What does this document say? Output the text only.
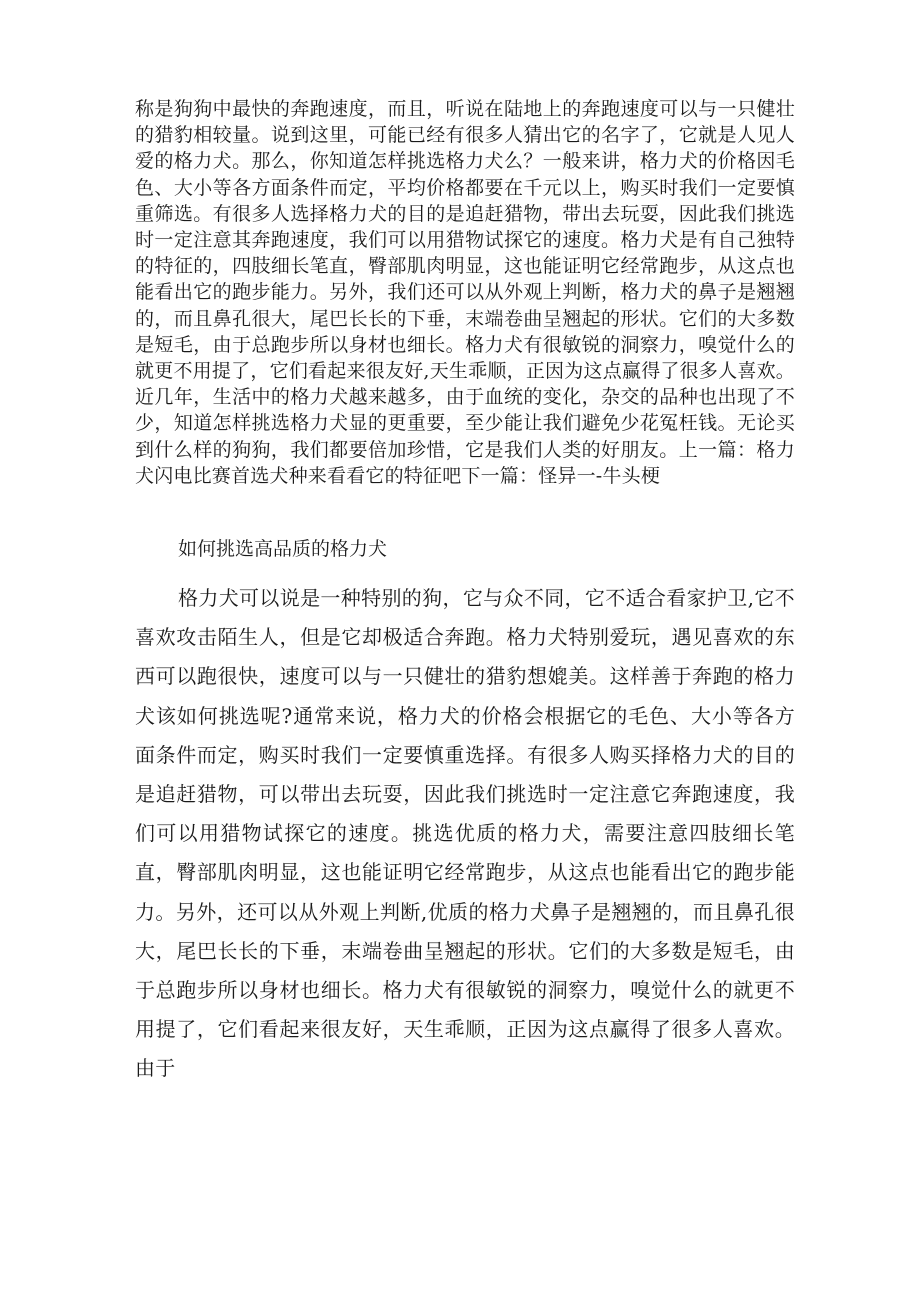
称是狗狗中最快的奔跑速度，而且，听说在陆地上的奔跑速度可以与一只健壮的猎豹相较量。说到这里，可能已经有很多人猜出它的名字了，它就是人见人爱的格力犬。那么，你知道怎样挑选格力犬么？一般来讲，格力犬的价格因毛色、大小等各方面条件而定，平均价格都要在千元以上，购买时我们一定要慎重筛选。有很多人选择格力犬的目的是追赶猎物，带出去玩耍，因此我们挑选时一定注意其奔跑速度，我们可以用猎物试探它的速度。格力犬是有自己独特的特征的，四肢细长笔直，臀部肌肉明显，这也能证明它经常跑步，从这点也能看出它的跑步能力。另外，我们还可以从外观上判断，格力犬的鼻子是翘翘的，而且鼻孔很大，尾巴长长的下垂，末端卷曲呈翘起的形状。它们的大多数是短毛，由于总跑步所以身材也细长。格力犬有很敏锐的洞察力，嗅觉什么的就更不用提了，它们看起来很友好,天生乖顺，正因为这点赢得了很多人喜欢。近几年，生活中的格力犬越来越多，由于血统的变化，杂交的品种也出现了不少，知道怎样挑选格力犬显的更重要，至少能让我们避免少花冤枉钱。无论买到什么样的狗狗，我们都要倍加珍惜，它是我们人类的好朋友。上一篇：格力犬闪电比赛首选犬种来看看它的特征吧下一篇：怪异一-牛头梗

如何挑选高品质的格力犬

格力犬可以说是一种特别的狗，它与众不同，它不适合看家护卫,它不喜欢攻击陌生人，但是它却极适合奔跑。格力犬特别爱玩，遇见喜欢的东西可以跑很快，速度可以与一只健壮的猎豹想媲美。这样善于奔跑的格力犬该如何挑选呢?通常来说，格力犬的价格会根据它的毛色、大小等各方面条件而定，购买时我们一定要慎重选择。有很多人购买择格力犬的目的是追赶猎物，可以带出去玩耍，因此我们挑选时一定注意它奔跑速度，我们可以用猎物试探它的速度。挑选优质的格力犬，需要注意四肢细长笔直，臀部肌肉明显，这也能证明它经常跑步，从这点也能看出它的跑步能力。另外，还可以从外观上判断,优质的格力犬鼻子是翘翘的，而且鼻孔很大，尾巴长长的下垂，末端卷曲呈翘起的形状。它们的大多数是短毛，由于总跑步所以身材也细长。格力犬有很敏锐的洞察力，嗅觉什么的就更不用提了，它们看起来很友好，天生乖顺，正因为这点赢得了很多人喜欢。由于
